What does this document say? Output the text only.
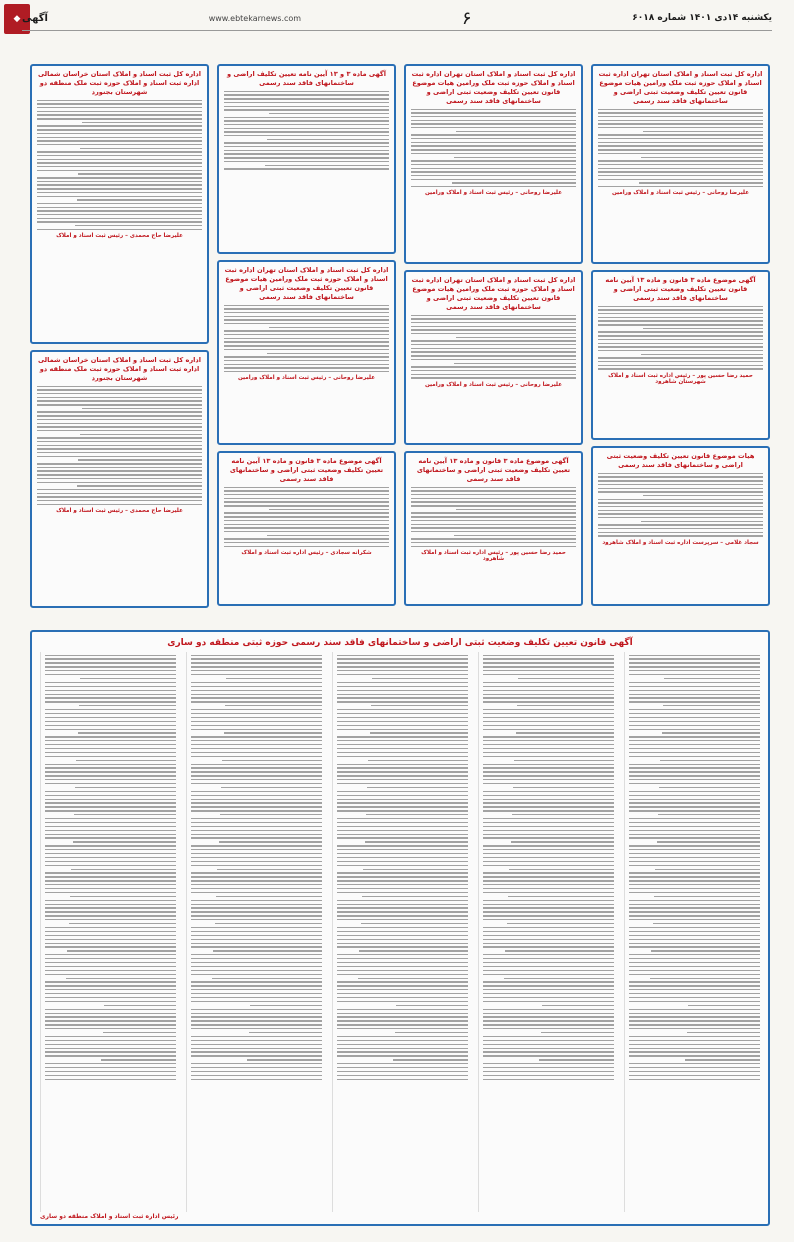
◆	یکشنبه ۱۴دی ۱۴۰۱ شماره ۶۰۱۸
۶
www.ebtekarnews.com
آگهی
اداره کل ثبت اسناد و املاک استان تهران اداره ثبت اسناد و املاک حوزه ثبت ملک ورامین هیات موضوع قانون تعیین تکلیف وضعیت ثبتی اراضی و ساختمانهای فاقد سند رسمی
علیرضا روحانی – رئیس ثبت اسناد و املاک ورامین
آگهی موضوع ماده ۳ قانون و ماده ۱۳ آیین نامه قانون تعیین تکلیف وضعیت ثبتی اراضی و ساختمانهای فاقد سند رسمی
حمید رضا حسین پور – رئیس اداره ثبت اسناد و املاک شهرستان شاهرود
هیات موضوع قانون تعیین تکلیف وضعیت ثبتی اراضی و ساختمانهای فاقد سند رسمی
سجاد غلامی – سرپرست اداره ثبت اسناد و املاک شاهرود
اداره کل ثبت اسناد و املاک استان تهران اداره ثبت اسناد و املاک حوزه ثبت ملک ورامین هیات موضوع قانون تعیین تکلیف وضعیت ثبتی اراضی و ساختمانهای فاقد سند رسمی
علیرضا روحانی – رئیس ثبت اسناد و املاک ورامین
اداره کل ثبت اسناد و املاک استان تهران اداره ثبت اسناد و املاک حوزه ثبت ملک ورامین هیات موضوع قانون تعیین تکلیف وضعیت ثبتی اراضی و ساختمانهای فاقد سند رسمی
علیرضا روحانی – رئیس ثبت اسناد و املاک ورامین
آگهی موضوع ماده ۳ قانون و ماده ۱۳ آیین نامه تعیین تکلیف وضعیت ثبتی اراضی و ساختمانهای فاقد سند رسمی
حمید رضا حسین پور – رئیس اداره ثبت اسناد و املاک شاهرود
آگهی ماده ۳ و ۱۳ آیین نامه تعیین تکلیف اراضی و ساختمانهای فاقد سند رسمی
اداره کل ثبت اسناد و املاک استان تهران اداره ثبت اسناد و املاک حوزه ثبت ملک ورامین هیات موضوع قانون تعیین تکلیف وضعیت ثبتی اراضی و ساختمانهای فاقد سند رسمی
علیرضا روحانی – رئیس ثبت اسناد و املاک ورامین
آگهی موضوع ماده ۳ قانون و ماده ۱۳ آیین نامه تعیین تکلیف وضعیت ثبتی اراضی و ساختمانهای فاقد سند رسمی
شکرانه سجادی – رئیس اداره ثبت اسناد و املاک
اداره کل ثبت اسناد و املاک استان خراسان شمالی اداره ثبت اسناد و املاک حوزه ثبت ملک منطقه دو شهرستان بجنورد
علیرضا حاج محمدی – رئیس ثبت اسناد و املاک
اداره کل ثبت اسناد و املاک استان خراسان شمالی اداره ثبت اسناد و املاک حوزه ثبت ملک منطقه دو شهرستان بجنورد
علیرضا حاج محمدی – رئیس ثبت اسناد و املاک
آگهی قانون تعیین تکلیف وضعیت ثبتی اراضی و ساختمانهای فاقد سند رسمی حوزه ثبتی منطقه دو ساری
رئیس اداره ثبت اسناد و املاک منطقه دو ساری
